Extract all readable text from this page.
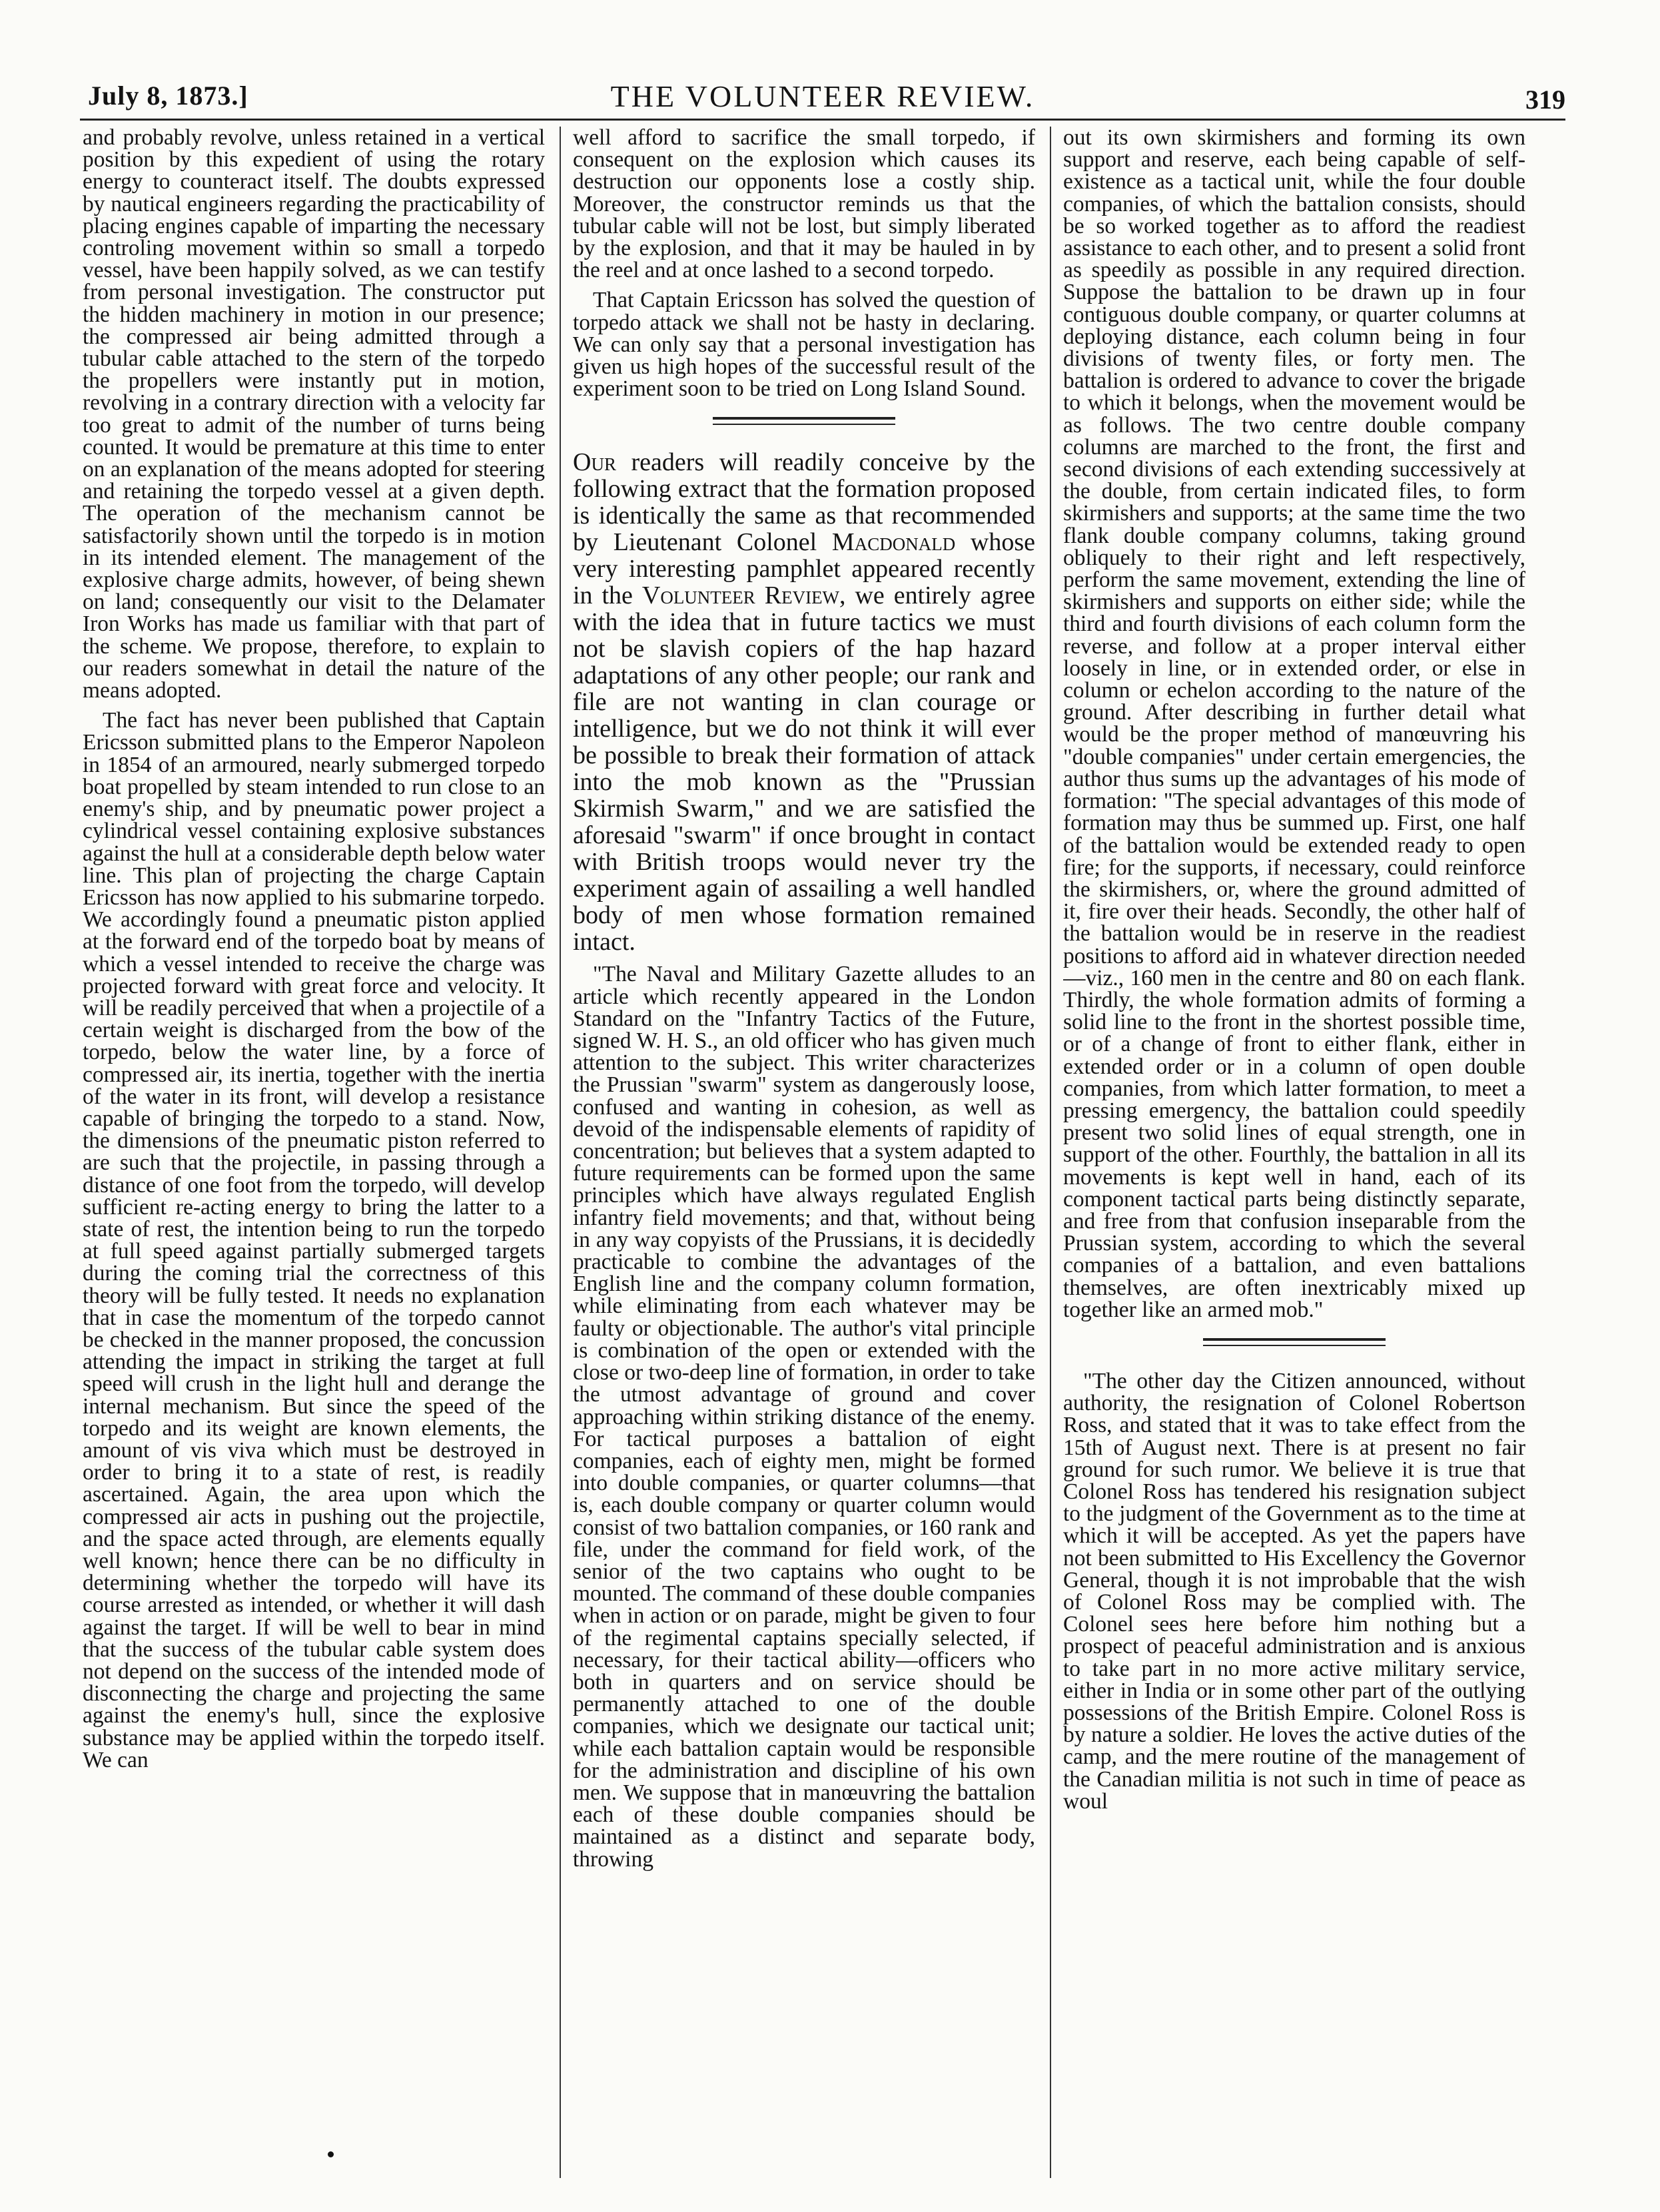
July 8, 1873.]	THE VOLUNTEER REVIEW.	319

and probably revolve, unless retained in a vertical position by this expedient of using the rotary energy to counteract itself. The doubts expressed by nautical engineers regarding the practicability of placing engines capable of imparting the necessary controling movement within so small a torpedo vessel, have been happily solved, as we can testify from personal investigation. The constructor put the hidden machinery in motion in our presence; the compressed air being admitted through a tubular cable attached to the stern of the torpedo the propellers were instantly put in motion, revolving in a contrary direction with a velocity far too great to admit of the number of turns being counted. It would be premature at this time to enter on an explanation of the means adopted for steering and retaining the torpedo vessel at a given depth. The operation of the mechanism cannot be satisfactorily shown until the torpedo is in motion in its intended element. The management of the explosive charge admits, however, of being shewn on land; consequently our visit to the Delamater Iron Works has made us familiar with that part of the scheme. We propose, therefore, to explain to our readers somewhat in detail the nature of the means adopted.

The fact has never been published that Captain Ericsson submitted plans to the Emperor Napoleon in 1854 of an armoured, nearly submerged torpedo boat propelled by steam intended to run close to an enemy's ship, and by pneumatic power project a cylindrical vessel containing explosive substances against the hull at a considerable depth below water line. This plan of projecting the charge Captain Ericsson has now applied to his submarine torpedo. We accordingly found a pneumatic piston applied at the forward end of the torpedo boat by means of which a vessel intended to receive the charge was projected forward with great force and velocity. It will be readily perceived that when a projectile of a certain weight is discharged from the bow of the torpedo, below the water line, by a force of compressed air, its inertia, together with the inertia of the water in its front, will develop a resistance capable of bringing the torpedo to a stand. Now, the dimensions of the pneumatic piston referred to are such that the projectile, in passing through a distance of one foot from the torpedo, will develop sufficient re-acting energy to bring the latter to a state of rest, the intention being to run the torpedo at full speed against partially submerged targets during the coming trial the correctness of this theory will be fully tested. It needs no explanation that in case the momentum of the torpedo cannot be checked in the manner proposed, the concussion attending the impact in striking the target at full speed will crush in the light hull and derange the internal mechanism. But since the speed of the torpedo and its weight are known elements, the amount of vis viva which must be destroyed in order to bring it to a state of rest, is readily ascertained. Again, the area upon which the compressed air acts in pushing out the projectile, and the space acted through, are elements equally well known; hence there can be no difficulty in determining whether the torpedo will have its course arrested as intended, or whether it will dash against the target. If will be well to bear in mind that the success of the tubular cable system does not depend on the success of the intended mode of disconnecting the charge and projecting the same against the enemy's hull, since the explosive substance may be applied within the torpedo itself. We can

well afford to sacrifice the small torpedo, if consequent on the explosion which causes its destruction our opponents lose a costly ship. Moreover, the constructor reminds us that the tubular cable will not be lost, but simply liberated by the explosion, and that it may be hauled in by the reel and at once lashed to a second torpedo.

That Captain Ericsson has solved the question of torpedo attack we shall not be hasty in declaring. We can only say that a personal investigation has given us high hopes of the successful result of the experiment soon to be tried on Long Island Sound.

Our readers will readily conceive by the following extract that the formation proposed is identically the same as that recommended by Lieutenant Colonel Macdonald whose very interesting pamphlet appeared recently in the Volunteer Review, we entirely agree with the idea that in future tactics we must not be slavish copiers of the hap hazard adaptations of any other people; our rank and file are not wanting in clan courage or intelligence, but we do not think it will ever be possible to break their formation of attack into the mob known as the "Prussian Skirmish Swarm," and we are satisfied the aforesaid "swarm" if once brought in contact with British troops would never try the experiment again of assailing a well handled body of men whose formation remained intact.

"The Naval and Military Gazette alludes to an article which recently appeared in the London Standard on the "Infantry Tactics of the Future, signed W. H. S., an old officer who has given much attention to the subject. This writer characterizes the Prussian "swarm" system as dangerously loose, confused and wanting in cohesion, as well as devoid of the indispensable elements of rapidity of concentration; but believes that a system adapted to future requirements can be formed upon the same principles which have always regulated English infantry field movements; and that, without being in any way copyists of the Prussians, it is decidedly practicable to combine the advantages of the English line and the company column formation, while eliminating from each whatever may be faulty or objectionable. The author's vital principle is combination of the open or extended with the close or two-deep line of formation, in order to take the utmost advantage of ground and cover approaching within striking distance of the enemy. For tactical purposes a battalion of eight companies, each of eighty men, might be formed into double companies, or quarter columns—that is, each double company or quarter column would consist of two battalion companies, or 160 rank and file, under the command for field work, of the senior of the two captains who ought to be mounted. The command of these double companies when in action or on parade, might be given to four of the regimental captains specially selected, if necessary, for their tactical ability—officers who both in quarters and on service should be permanently attached to one of the double companies, which we designate our tactical unit; while each battalion captain would be responsible for the administration and discipline of his own men. We suppose that in manœuvring the battalion each of these double companies should be maintained as a distinct and separate body, throwing

out its own skirmishers and forming its own support and reserve, each being capable of self-existence as a tactical unit, while the four double companies, of which the battalion consists, should be so worked together as to afford the readiest assistance to each other, and to present a solid front as speedily as possible in any required direction. Suppose the battalion to be drawn up in four contiguous double company, or quarter columns at deploying distance, each column being in four divisions of twenty files, or forty men. The battalion is ordered to advance to cover the brigade to which it belongs, when the movement would be as follows. The two centre double company columns are marched to the front, the first and second divisions of each extending successively at the double, from certain indicated files, to form skirmishers and supports; at the same time the two flank double company columns, taking ground obliquely to their right and left respectively, perform the same movement, extending the line of skirmishers and supports on either side; while the third and fourth divisions of each column form the reverse, and follow at a proper interval either loosely in line, or in extended order, or else in column or echelon according to the nature of the ground. After describing in further detail what would be the proper method of manœuvring his "double companies" under certain emergencies, the author thus sums up the advantages of his mode of formation: "The special advantages of this mode of formation may thus be summed up. First, one half of the battalion would be extended ready to open fire; for the supports, if necessary, could reinforce the skirmishers, or, where the ground admitted of it, fire over their heads. Secondly, the other half of the battalion would be in reserve in the readiest positions to afford aid in whatever direction needed—viz., 160 men in the centre and 80 on each flank. Thirdly, the whole formation admits of forming a solid line to the front in the shortest possible time, or of a change of front to either flank, either in extended order or in a column of open double companies, from which latter formation, to meet a pressing emergency, the battalion could speedily present two solid lines of equal strength, one in support of the other. Fourthly, the battalion in all its movements is kept well in hand, each of its component tactical parts being distinctly separate, and free from that confusion inseparable from the Prussian system, according to which the several companies of a battalion, and even battalions themselves, are often inextricably mixed up together like an armed mob."

"The other day the Citizen announced, without authority, the resignation of Colonel Robertson Ross, and stated that it was to take effect from the 15th of August next. There is at present no fair ground for such rumor. We believe it is true that Colonel Ross has tendered his resignation subject to the judgment of the Government as to the time at which it will be accepted. As yet the papers have not been submitted to His Excellency the Governor General, though it is not improbable that the wish of Colonel Ross may be complied with. The Colonel sees here before him nothing but a prospect of peaceful administration and is anxious to take part in no more active military service, either in India or in some other part of the outlying possessions of the British Empire. Colonel Ross is by nature a soldier. He loves the active duties of the camp, and the mere routine of the management of the Canadian militia is not such in time of peace as woul
